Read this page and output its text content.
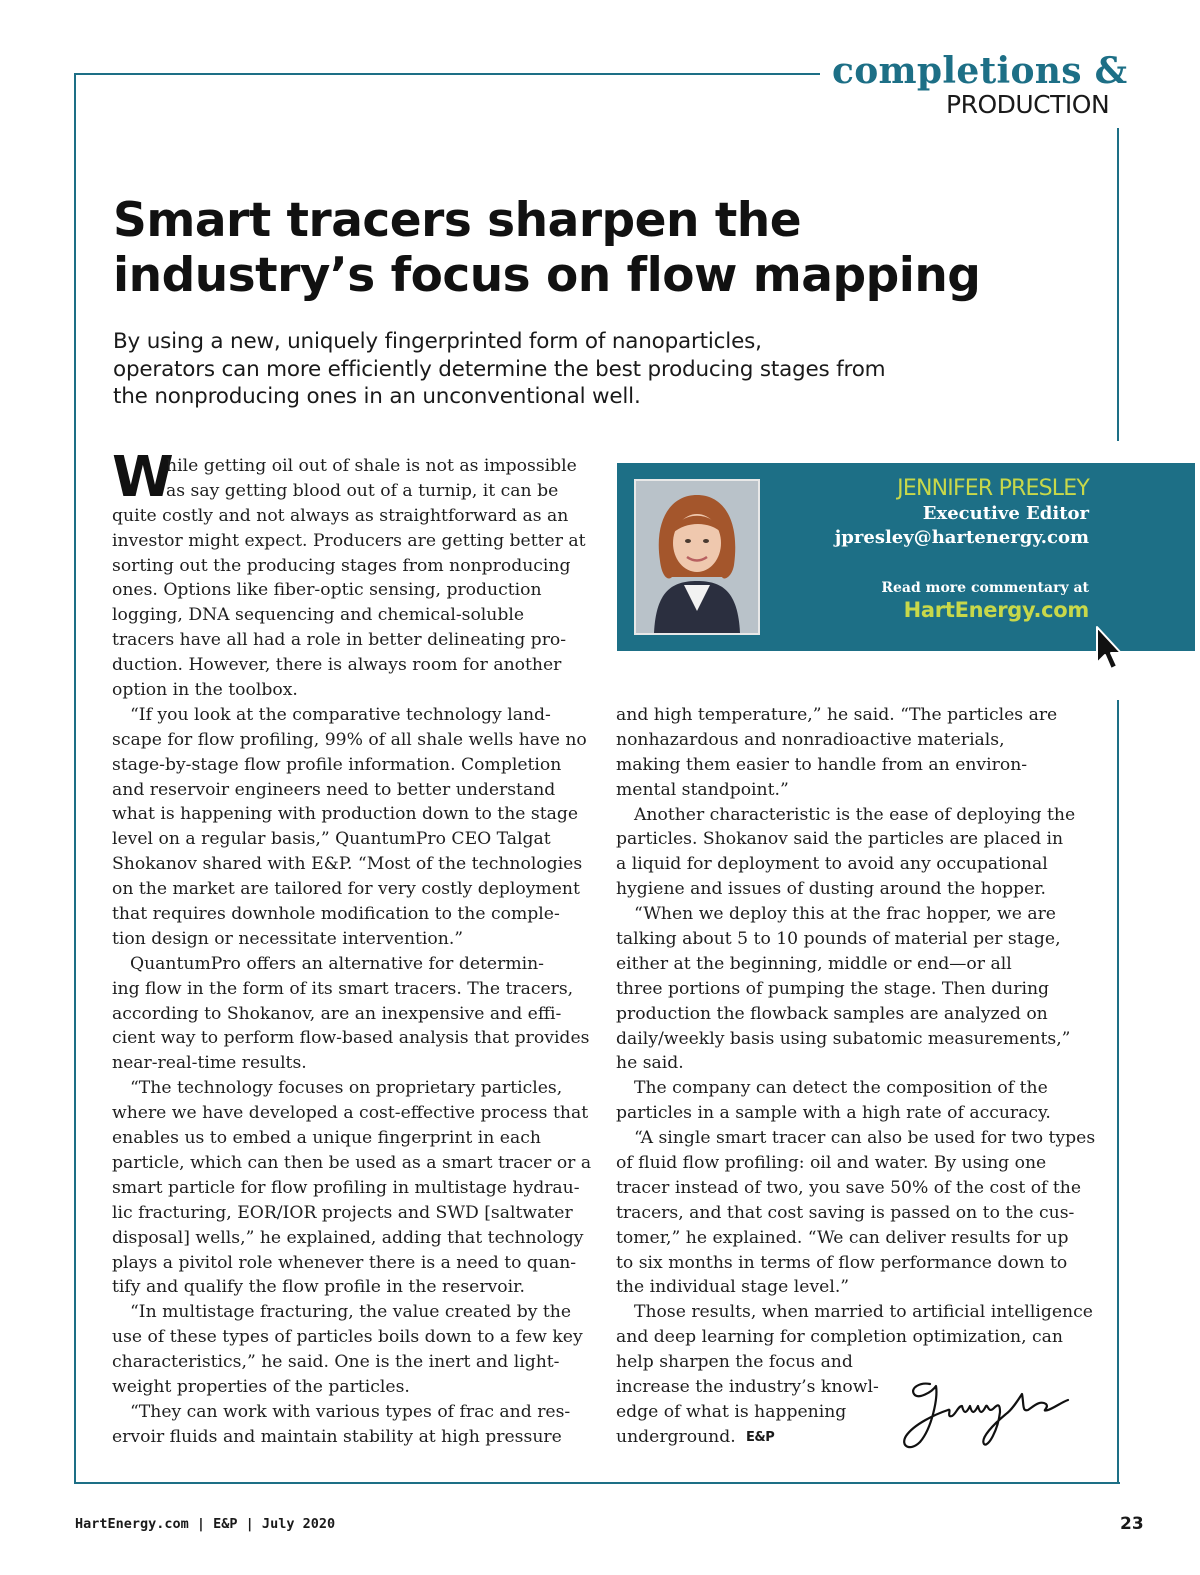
completions &
PRODUCTION
Smart tracers sharpen the
industry’s focus on flow mapping
By using a new, uniquely fingerprinted form of nanoparticles,
operators can more efficiently determine the best producing stages from
the nonproducing ones in an unconventional well.
W
hile getting oil out of shale is not as impossible
as say getting blood out of a turnip, it can be
quite costly and not always as straightforward as an
investor might expect. Producers are getting better at
sorting out the producing stages from nonproducing
ones. Options like fiber-optic sensing, production
logging, DNA sequencing and chemical-soluble
tracers have all had a role in better delineating pro-
duction. However, there is always room for another
option in the toolbox.
“If you look at the comparative technology land-
scape for flow profiling, 99% of all shale wells have no
stage-by-stage flow profile information. Completion
and reservoir engineers need to better understand
what is happening with production down to the stage
level on a regular basis,” QuantumPro CEO Talgat
Shokanov shared with E&P. “Most of the technologies
on the market are tailored for very costly deployment
that requires downhole modification to the comple-
tion design or necessitate intervention.”
QuantumPro offers an alternative for determin-
ing flow in the form of its smart tracers. The tracers,
according to Shokanov, are an inexpensive and effi-
cient way to perform flow-based analysis that provides
near-real-time results.
“The technology focuses on proprietary particles,
where we have developed a cost-effective process that
enables us to embed a unique fingerprint in each
particle, which can then be used as a smart tracer or a
smart particle for flow profiling in multistage hydrau-
lic fracturing, EOR/IOR projects and SWD [saltwater
disposal] wells,” he explained, adding that technology
plays a pivitol role whenever there is a need to quan-
tify and qualify the flow profile in the reservoir.
“In multistage fracturing, the value created by the
use of these types of particles boils down to a few key
characteristics,” he said. One is the inert and light-
weight properties of the particles.
“They can work with various types of frac and res-
ervoir fluids and maintain stability at high pressure
JENNIFER PRESLEY
Executive Editor
jpresley@hartenergy.com
Read more commentary at
HartEnergy.com
and high temperature,” he said. “The particles are
nonhazardous and nonradioactive materials,
making them easier to handle from an environ-
mental standpoint.”
Another characteristic is the ease of deploying the
particles. Shokanov said the particles are placed in
a liquid for deployment to avoid any occupational
hygiene and issues of dusting around the hopper.
“When we deploy this at the frac hopper, we are
talking about 5 to 10 pounds of material per stage,
either at the beginning, middle or end—or all
three portions of pumping the stage. Then during
production the flowback samples are analyzed on
daily/weekly basis using subatomic measurements,”
he said.
The company can detect the composition of the
particles in a sample with a high rate of accuracy.
“A single smart tracer can also be used for two types
of fluid flow profiling: oil and water. By using one
tracer instead of two, you save 50% of the cost of the
tracers, and that cost saving is passed on to the cus-
tomer,” he explained. “We can deliver results for up
to six months in terms of flow performance down to
the individual stage level.”
Those results, when married to artificial intelligence
and deep learning for completion optimization, can
help sharpen the focus and
increase the industry’s knowl-
edge of what is happening
underground. E&P
HartEnergy.com | E&P | July 2020	23
